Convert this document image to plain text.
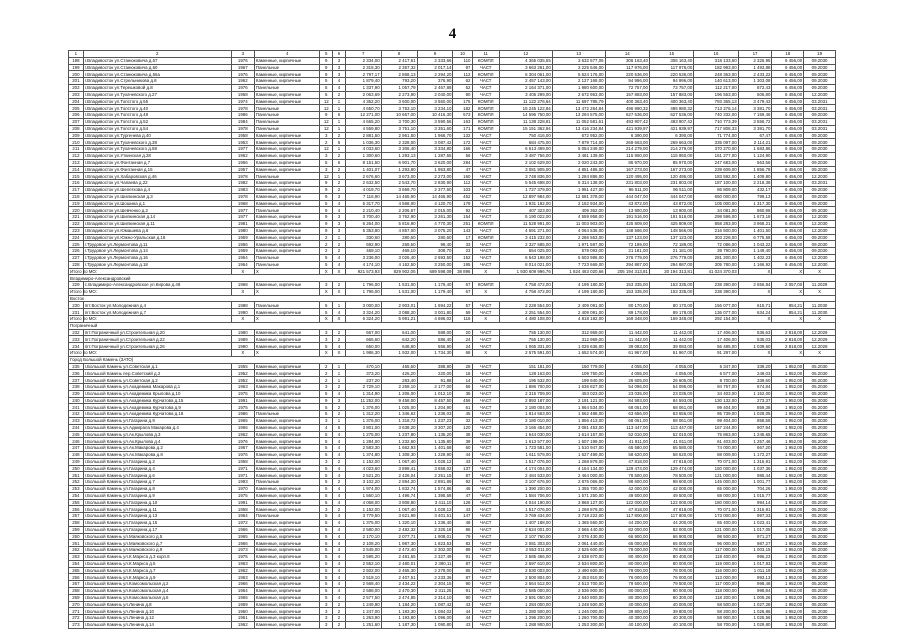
4
1	2	3	4	5	6	7	8	9	10	11	12	13	14	15	16	17	18	19
198	г.Владивосток ул.Станюковича д.57	1976	Каменные, кирпичные	9	3	2 334,00	2 417,61	2 333,66	110	КОМПЛ	4 365 035,55	3 632 577,06	306 163,40	306 163,40	318 133,60	2 326,95	6 456,00	09.2030
199	г.Владивосток ул.Станюковича д.60	1967	Панельные	9	3	2 315,30	2 357,32	2 017,14	97	ЧАСТ	3 663 261,00	3 225 546,00	117 976,00	117 976,00	182 993,00	1 493,88	6 456,00	09.2030
200	г.Владивосток ул.Станюковича д.56а	1976	Каменные, кирпичные	9	3	2 797,17	2 868,13	2 294,20	112	КОМПЛ	6 304 061,00	5 624 176,00	220 536,00	220 536,00	248 363,00	2 433,22	6 456,00	09.2030
201	г.Владивосток ул.Стрельникова д.8	1962	Каменные, кирпичные	5	4	1 879,40	793,20	376,90	62	ЧАСТ	2 457 143,00	2 127 168,00	94 996,00	94 996,00	140 613,00	1 303,08	6 456,00	09.2030
202	г.Владивосток ул.Терешковой д.8	1976	Панельные	5	4	1 337,90	1 057,79	2 467,88	52	ЧАСТ	2 164 371,00	1 980 600,00	72 757,00	72 757,00	112 217,00	872,43	6 456,00	09.2030
203	г.Владивосток ул.Тухачевского д.27	1968	Каменные, кирпичные	5	2	2 063,69	2 273,90	2 040,00	90	ЧАСТ	3 405 299,00	2 672 963,00	157 883,00	157 883,00	196 553,00	606,80	6 456,00	12.2030
204	г.Владивосток ул.Толстого д.55	1974	Каменные, кирпичные	12	1	4 352,20	3 600,00	3 560,00	175	КОМПЛ	11 122 276,64	11 597 785,79	400 363,40	400 363,40	793 365,13	3 479,43	6 456,00	03.2031
205	г.Владивосток ул.Толстого д.40	1978	Панельные	12	1	4 650,70	3 753,10	3 234,10	182	КОМПЛ	15 245 122,84	13 472 264,84	496 980,32	496 980,32	713 276,14	3 381,70	6 456,00	03.2031
206	г.Владивосток ул.Толстого д.48	1986	Панельные	9	6	12 271,00	10 667,00	10 416,30	573	КОМПЛ	14 596 750,00	13 294 575,00	627 536,00	627 536,00	740 332,00	7 159,46	6 456,00	09.2030
207	г.Владивосток ул.Толстого д.52	1984	Панельные	12	1	4 665,20	3 700,30	3 590,56	163	КОМПЛ	11 138 228,81	11 052 581,61	493 907,42	493 907,42	710 773,39	3 556,72	6 456,00	03.2031
208	г.Владивосток ул.Толстого д.54	1978	Панельные	12	1	4 559,80	3 751,10	3 351,60	171	КОМПЛ	15 151 362,94	13 416 234,84	421 939,97	421 939,97	717 808,33	3 381,70	6 456,00	03.2031
209	г.Владивосток ул.Тургенева д.40	1958	Каменные, кирпичные	3	2	2 881,50	2 961,50	1 966,70	132	ЧАСТ	750 416,00	672 952,00	6 390,00	6 390,00	71 774,00	67,47	6 456,00	09.2030
210	г.Владивосток ул.Тухачевского д.38	1953	Каменные, кирпичные	2	6	1 036,30	2 328,00	3 087,42	172	ЧАСТ	684 475,00	7 879 714,00	269 663,00	269 663,00	335 097,00	2 114,21	6 456,00	09.2030
211	г.Владивосток ул.Тухачевского д.58	1977	Каменные, кирпичные	12	1	4 033,60	3 306,40	3 334,80	166	ЧАСТ	6 613 499,00	5 054 249,00	214 279,00	214 279,00	370 270,00	1 683,86	6 456,00	09.2030
212	г.Владивосток ул.Уткинская д.28	1962	Каменные, кирпичные	3	2	1 300,60	1 293,13	1 287,55	56	ЧАСТ	3 487 756,00	3 481 139,00	115 950,00	115 950,00	161 277,00	1 124,90	6 456,00	09.2030
213	г.Владивосток ул.Фонтанная д.7	1956	Каменные, кирпичные	5	6	8 151,50	6 901,70	3 620,00	284	ЧАСТ	2 102 629,00	2 020 243,00	85 970,00	85 970,00	247 683,00	563,56	6 456,00	09.2030
214	г.Владивосток ул.Фонтанная д.15	1957	Каменные, кирпичные	3	2	1 401,07	1 293,80	1 953,80	47	ЧАСТ	3 081 905,00	4 851 486,00	167 273,00	167 273,00	239 609,00	1 856,78	6 456,00	09.2030
215	г.Владивосток ул.Хабаровская д.46	1978	Панельные	12	1	2 676,60	3 673,00	2 273,00	160	ЧАСТ	3 748 836,00	1 284 886,00	120 495,00	120 495,00	183 592,00	1 409,80	6 456,00	12.2030
216	г.Владивосток ул.Чапаева д.22	1982	Каменные, кирпичные	9	2	2 632,50	2 543,70	2 830,90	112	ЧАСТ	5 545 698,00	5 314 138,00	231 803,00	231 803,00	187 100,00	2 218,38	6 456,00	03.2031
217	г.Владивосток ул.Шепеткова д.4	1983	Каменные, кирпичные	9	2	4 019,70	3 659,70	2 377,60	103	ЧАСТ	1 727 379,00	1 951 427,00	96 511,00	96 511,00	86 809,00	432,17	6 456,00	09.2030
218	г.Владивосток ул.Шилкинская д.3	1978	Каменные, кирпичные	9	3	7 116,90	14 465,90	14 465,90	452	ЧАСТ	12 897 984,00	12 581 378,00	444 047,00	444 047,00	650 000,00	799,13	6 456,00	09.2030
219	г.Владивосток ул.Шошина д.1	1968	Каменные, кирпичные	5	4	5 317,70	4 568,00	4 120,70	179	ЧАСТ	1 931 182,00	2 152 934,00	43 872,00	43 872,00	105 000,00	1 317,30	6 456,00	09.2030
220	г.Владивосток ул.Шевченко д.2	1977	Панельные	9	4	2 210,40	2 206,67	2 015,00	92	ЧАСТ	407 323,00	409 362,00	13 900,00	13 900,00	34 081,00	860,98	6 456,00	09.2030
221	г.Владивосток ул.Шилкинская д.14	1977	Каменные, кирпичные	9	3	3 700,40	3 762,90	3 261,30	154	ЧАСТ	5 190 022,00	4 559 958,00	191 516,00	191 516,00	298 596,00	1 673,18	6 456,00	12.2030
222	г.Владивосток ул.Шилкинская д.11	1981	Каменные, кирпичные	9	3	6 264,00	5 816,90	4 770,30	251	КОМПЛ	11 528 991,00	11 003 903,00	425 809,00	425 809,00	858 283,00	3 968,21	6 456,00	12.2030
223	г.Владивосток ул.Юмашева д.6	1980	Каменные, кирпичные	9	3	5 353,80	4 857,00	3 075,20	143	ЧАСТ	4 591 271,00	4 064 536,00	148 566,00	148 566,00	216 500,00	1 401,50	6 456,00	12.2030
224	г.Владивосток ул.Южно-Уральская д.18	1959	Каменные, кирпичные	2	1	330,60	280,60	280,60	17	КОМПЛ	3 415 232,00	2 286 553,00	137 123,00	137 123,00	303 228,00	6 775,58	6 456,00	09.2030
225	г.Трудовое ул.Лермонтова д.11	1956	Каменные, кирпичные	2	2	692,90	269,50	99,40	33	ЧАСТ	2 327 585,00	1 971 597,00	72 189,00	72 189,00	72 086,00	1 043,22	6 456,00	09.2030
226	г.Трудовое ул.Лермонтова д.14	1959	Каменные, кирпичные	2	2	469,10	469,10	308,70	23	ЧАСТ	654 025,00	578 093,00	21 181,00	21 181,00	39 790,00	1 149,40	6 456,00	09.2030
227	г.Трудовое ул.Лермонтова д.16	1964	Панельные	5	4	3 236,00	3 026,40	2 693,50	152	ЧАСТ	6 543 198,00	5 603 986,00	276 779,00	276 779,00	281 200,00	1 402,23	6 456,00	12.2030
228	г.Трудовое ул.Лермонтова д.18	1964	Панельные	5	4	4 174,10	4 162,50	3 250,00	195	ЧАСТ	8 014 021,00	7 723 669,00	294 887,00	294 887,00	305 780,00	1 166,92	6 456,00	12.2030
Итого по МО:		X	X	X	X	921 573,93	829 902,05	689 598,09	38 896	X	1 930 609 996,76	1 824 463 020,66	205 194 313,81	20 194 313,81	41 024 370,03	Х	Х	Х
Владимиро-Александровский																		
229	с.Владимиро-Александровское ул.Кирова д.48	1968	Каменные, кирпичные	3	2	1 796,00	1 531,00	1 179,40	67	КОМПЛ	4 758 472,00	4 199 180,00	153 335,00	153 335,00	238 390,00	2 656,84	2 057,00	11.2029
Итого по МО:		X	X	X	X	1 796,00	1 531,00	1 179,40	67	X	4 758 472,00	4 199 180,00	153 335,00	153 335,00	238 390,00	Х	Х	Х
Восток																		
230	пгт.Восток ул.Молодежная д.4	1988	Панельные	5	1	3 000,00	2 903,01	1 694,22	57	ЧАСТ	2 228 554,00	2 409 091,00	80 170,00	80 170,00	156 077,00	615,71	854,21	11.2030
231	пгт.Восток ул.Молодежная д.7	1990	Каменные, кирпичные	5	4	3 324,20	3 088,20	3 001,80	59	ЧАСТ	2 251 554,00	2 409 091,00	89 178,00	89 178,00	136 077,00	634,24	854,21	11.2030
Итого по МО:		X	X	X	X	6 324,20	5 991,21	4 696,02	116	X	4 480 108,00	4 818 182,00	169 348,00	169 348,00	292 154,00	Х	Х	Х
Пограничный																		
232	пгт.Пограничный ул.Строительная д.20	1980	Каменные, кирпичные	3	2	667,00	641,00	589,00	20	ЧАСТ	755 130,00	312 969,00	11 442,00	11 442,00	17 406,00	536,63	2 818,00	12.2029
233	пгт.Пограничный ул.Строительная д.22	1989	Каменные, кирпичные	3	2	665,60	642,20	586,40	24	ЧАСТ	755 130,00	312 969,00	11 442,00	11 442,00	17 406,00	535,03	2 818,00	12.2029
234	пгт.Пограничный ул.Строительная д.26	1990	Каменные, кирпичные	5	4	650,00	648,80	556,90	24	ЧАСТ	1 065 331,00	1 026 636,00	39 083,00	39 083,00	56 485,00	1 039,60	2 818,00	12.2029
Итого по МО:		X	X	X	X	1 986,30	1 932,00	1 734,30	68	X	2 575 591,00	1 652 574,00	61 967,00	61 967,00	91 297,00	Х	Х	Х
Город Большой Камень (ЗАТО)																		
235	г.Большой Камень ул.Советская д.1	1955	Каменные, кирпичные	2	1	470,10	455,60	388,80	28	ЧАСТ	151 181,00	150 779,00	4 055,00	4 055,00	6 347,00	339,20	1 952,00	05.2030
236	г.Большой Камень пер.Советский д.2	1952	Каменные, кирпичные	2	1	373,20	425,20	220,00	18	ЧАСТ	128 163,00	109 750,00	4 055,00	4 055,00	6 577,00	249,03	1 952,00	05.2030
237	г.Большой Камень ул.Советская д.2	1952	Каменные, кирпичные	2	1	237,20	283,40	91,88	14	ЧАСТ	195 532,00	199 940,00	26 605,00	26 605,00	8 700,00	339,60	1 952,00	05.2030
238	г.Большой Камень ул.Академика Макарова д.1	1963	Каменные, кирпичные	3	2	2 729,10	2 259,10	2 177,00	56	ЧАСТ	1 886 700,00	1 636 827,00	54 096,00	54 096,00	94 757,00	674,84	1 952,00	05.2030
239	г.Большой Камень ул.Академика Крылова д.10	1975	Каменные, кирпичные	5	4	1 314,90	1 206,00	1 012,10	35	ЧАСТ	2 315 709,00	453 023,00	23 035,00	23 035,00	34 403,00	1 152,00	1 952,00	05.2030
240	г.Большой Камень ул.Академика Курчатова д.15	1991	Каменные, кирпичные	9	3	11 252,00	9 458,00	8 457,50	456	ЧАСТ	2 893 187,00	2 191 121,00	84 593,00	84 593,00	130 132,00	273,37	1 952,00	05.2030
241	г.Большой Камень ул.Академика Курчатова д.9	1975	Каменные, кирпичные	5	2	1 376,00	1 025,00	1 204,90	61	ЧАСТ	2 180 004,00	1 864 534,00	68 061,00	68 061,00	99 404,00	859,38	1 952,00	05.2030
242	г.Большой Камень ул.Академика Курчатова д.18	1986	Панельные	5	2	1 312,20	1 346,62	1 236,03	45	ЧАСТ	1 814 563,00	1 562 488,00	63 656,00	63 656,00	95 739,00	1 028,05	1 952,00	05.2030
243	г.Большой Камень ул.Гагарина д.9	1965	Каменные, кирпичные	3	1	1 376,00	1 318,72	1 237,23	32	ЧАСТ	2 180 010,00	1 856 413,00	68 061,00	68 061,00	99 404,00	858,58	1 952,00	05.2030
244	г.Большой Камень ул.Адмирала Макарова д.4	1966	Каменные, кирпичные	4	6	3 801,00	3 638,20	3 307,20	120	ЧАСТ	3 166 454,00	3 081 453,00	113 447,00	113 447,00	167 244,00	907,94	1 952,00	05.2030
245	г.Большой Камень ул.Ак.Крылова д.3	1962	Каменные, кирпичные	5	4	1 275,00	1 237,80	1 135,20	38	ЧАСТ	1 644 030,00	1 614 157,00	52 010,00	52 010,00	75 863,00	1 245,65	1 952,00	05.2030
246	г.Большой Камень ул.Ак.Крылова д.4	1976	Каменные, кирпичные	5	4	1 284,00	1 232,60	1 135,80	39	ЧАСТ	1 613 577,00	1 607 199,00	41 811,00	41 811,00	61 403,00	1 257,46	1 952,00	05.2030
247	г.Большой Камень ул.Ак.Макарова д.2	1967	Каменные, кирпичные	5	4	2 583,30	1 662,93	1 401,68	60	ЧАСТ	1 723 581,00	1 510 947,00	65 580,00	65 580,00	74 000,00	667,20	1 952,00	05.2030
248	г.Большой Камень ул.Ак.Макарова д.8	1976	Каменные, кирпичные	5	4	1 374,80	1 308,30	1 229,90	44	ЧАСТ	1 611 579,00	1 627 499,00	58 620,00	58 620,00	88 009,00	1 172,27	1 952,00	05.2030
249	г.Большой Камень ул.Гагарина д.2	1958	Каменные, кирпичные	3	2	1 152,00	1 067,40	1 028,12	43	ЧАСТ	1 517 076,00	1 268 879,00	47 818,00	47 818,00	70 071,00	1 316,91	1 952,00	05.2030
250	г.Большой Камень ул.Гагарина д.4	1971	Каменные, кирпичные	5	4	4 023,60	3 898,41	3 658,02	137	ЧАСТ	4 174 004,00	4 164 134,00	129 474,00	129 474,00	150 000,00	1 037,36	1 952,00	05.2030
251	г.Большой Камень ул.Гагарина д.6	1971	Каменные, кирпичные	5	4	2 521,20	2 426,04	2 251,15	87	ЧАСТ	2 484 533,00	2 464 000,00	78 500,00	78 500,00	121 000,00	985,44	1 952,00	05.2030
252	г.Большой Камень ул.Гагарина д.7	1993	Панельные	5	2	3 102,20	2 894,20	2 891,89	92	ЧАСТ	3 107 676,00	2 876 066,00	98 600,00	98 600,00	145 000,00	1 001,77	1 952,00	05.2030
253	г.Большой Камень ул.Гагарина д.8	1970	Каменные, кирпичные	5	4	1 974,00	1 832,74	1 574,86	46	ЧАСТ	1 390 200,00	1 355 700,00	42 000,00	42 000,00	65 000,00	704,26	1 952,00	05.2030
254	г.Большой Камень ул.Гагарина д.9	1975	Каменные, кирпичные	5	4	1 560,10	1 496,74	1 395,58	47	ЧАСТ	1 584 706,00	1 571 250,00	49 500,00	49 500,00	68 000,00	1 015,77	1 952,00	05.2030
255	г.Большой Камень ул.Гагарина д.10	1991	Каменные, кирпичные	5	4	4 068,00	3 808,80	3 411,10	128	ЧАСТ	4 044 190,00	3 868 127,00	122 000,00	122 000,00	180 000,00	994,14	1 952,00	05.2030
256	г.Большой Камень ул.Гагарина д.11	1958	Каменные, кирпичные	3	2	1 152,00	1 067,40	1 028,12	43	ЧАСТ	1 517 076,00	1 268 879,00	47 818,00	47 818,00	70 071,00	1 316,91	1 952,00	05.2030
257	г.Большой Камень ул.Гагарина д.13	1964	Панельные	5	4	3 779,50	3 621,99	3 401,51	147	ЧАСТ	3 769 434,00	3 718 222,00	117 800,00	117 800,00	173 000,00	997,33	1 952,00	05.2030
258	г.Большой Камень ул.Гагарина д.15	1972	Каменные, кирпичные	5	4	1 375,00	1 320,10	1 236,40	48	ЧАСТ	1 407 188,00	1 365 560,00	44 200,00	44 200,00	65 400,00	1 023,41	1 952,00	05.2030
259	г.Большой Камень ул.Гагарина д.17	1966	Каменные, кирпичные	5	4	2 580,00	2 482,32	2 325,18	86	ЧАСТ	2 624 001,00	2 565 440,00	82 000,00	82 000,00	121 000,00	1 017,05	1 952,00	05.2030
260	г.Большой Камень ул.Маяковского д.5	1965	Каменные, кирпичные	5	4	2 170,10	2 077,71	1 908,01	79	ЧАСТ	2 107 760,00	2 076 430,00	66 900,00	66 900,00	98 500,00	971,27	1 952,00	05.2030
261	г.Большой Камень ул.Маяковского д.7	1966	Каменные, кирпичные	5	4	2 108,20	1 987,30	1 823,53	82	ЧАСТ	2 081 303,00	2 061 440,00	65 000,00	65 000,00	96 000,00	987,27	1 952,00	05.2030
262	г.Большой Камень ул.Маяковского д.9	1973	Каменные, кирпичные	5	4	2 545,00	2 472,40	2 302,00	89	ЧАСТ	2 553 011,00	2 525 600,00	78 000,00	78 000,00	117 000,00	1 003,15	1 952,00	05.2030
263	г.Большой Камень ул.К.Маркса д.3 корп.8	1975	Каменные, кирпичные	5	4	2 595,20	2 481,55	2 327,49	91	ЧАСТ	2 585 466,00	2 538 970,00	80 400,00	80 400,00	118 400,00	996,23	1 952,00	05.2030
264	г.Большой Камень ул.К.Маркса д.5	1963	Каменные, кирпичные	5	4	2 552,10	2 480,01	2 390,11	87	ЧАСТ	2 597 610,00	2 534 800,00	80 000,00	80 000,00	119 000,00	1 017,83	1 952,00	05.2030
265	г.Большой Камень ул.К.Маркса д.7	1962	Каменные, кирпичные	5	4	2 502,00	2 465,30	2 278,00	85	ЧАСТ	2 530 003,00	2 490 600,00	78 000,00	78 000,00	116 000,00	1 011,19	1 952,00	05.2030
266	г.Большой Камень ул.К.Маркса д.9	1963	Каменные, кирпичные	5	4	2 518,10	2 407,51	2 233,36	87	ЧАСТ	2 500 804,00	2 453 910,00	76 000,00	76 000,00	113 000,00	993,13	1 952,00	05.2030
267	г.Большой Камень ул.Комсомольская д.2	1966	Каменные, кирпичные	5	4	2 568,40	2 434,22	2 304,15	90	ЧАСТ	2 564 512,00	2 513 700,00	79 500,00	79 500,00	117 000,00	998,48	1 952,00	05.2030
268	г.Большой Камень ул.Комсомольская д.4	1964	Каменные, кирпичные	5	4	2 588,00	2 470,30	2 311,25	91	ЧАСТ	2 585 000,00	2 536 900,00	80 000,00	80 000,00	118 000,00	998,84	1 952,00	05.2030
269	г.Большой Камень ул.Комсомольская д.6	1965	Каменные, кирпичные	5	4	2 577,50	2 474,85	2 314,10	90	ЧАСТ	2 591 050,00	2 540 800,00	80 300,00	80 300,00	118 200,00	1 005,26	1 952,00	05.2030
270	г.Большой Камень ул.Ленина д.8	1959	Каменные, кирпичные	3	2	1 249,90	1 184,20	1 087,42	43	ЧАСТ	1 284 000,00	1 248 500,00	40 000,00	40 000,00	58 500,00	1 027,28	1 952,00	05.2030
271	г.Большой Камень ул.Ленина д.10	1960	Каменные, кирпичные	3	2	1 247,00	1 183,30	1 084,02	44	ЧАСТ	1 280 500,00	1 246 000,00	39 800,00	39 800,00	58 200,00	1 026,86	1 952,00	05.2030
272	г.Большой Камень ул.Ленина д.12	1961	Каменные, кирпичные	3	2	1 263,90	1 193,80	1 096,00	44	ЧАСТ	1 296 200,00	1 260 700,00	40 300,00	40 300,00	58 900,00	1 025,56	1 952,00	05.2030
273	г.Большой Камень ул.Ленина д.14	1962	Каменные, кирпичные	3	2	1 251,60	1 187,30	1 090,80	43	ЧАСТ	1 288 900,00	1 253 300,00	40 100,00	40 100,00	58 700,00	1 029,80	1 952,00	05.2030
